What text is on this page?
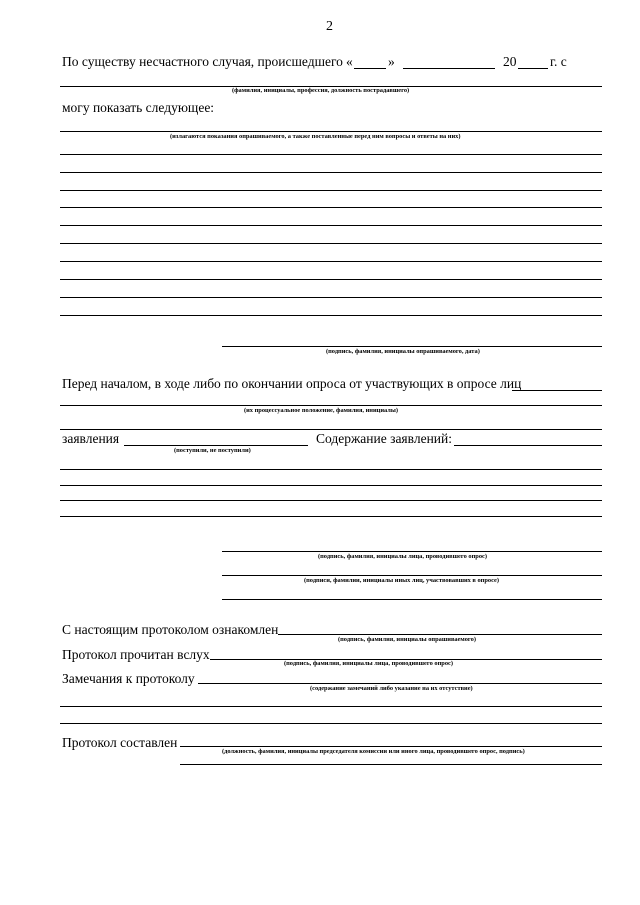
2
По существу несчастного случая, происшедшего «	»	20 г. с
(фамилия, инициалы, профессия, должность пострадавшего)
могу показать следующее:
(излагаются показания опрашиваемого, а также поставленные перед ним вопросы и ответы на них)
(подпись, фамилия, инициалы опрашиваемого, дата)
Перед началом, в ходе либо по окончании опроса от участвующих в опросе лиц
(их процессуальное положение, фамилия, инициалы)
заявления
(поступили, не поступили)
Содержание заявлений:
(подпись, фамилия, инициалы лица, проводившего опрос)
(подписи, фамилии, инициалы иных лиц, участвовавших в опросе)
С настоящим протоколом ознакомлен
(подпись, фамилия, инициалы опрашиваемого)
Протокол прочитан вслух
(подпись, фамилия, инициалы лица, проводившего опрос)
Замечания к протоколу
(содержание замечаний либо указание на их отсутствие)
Протокол составлен
(должность, фамилия, инициалы председателя комиссии или иного лица, проводившего опрос, подпись)
